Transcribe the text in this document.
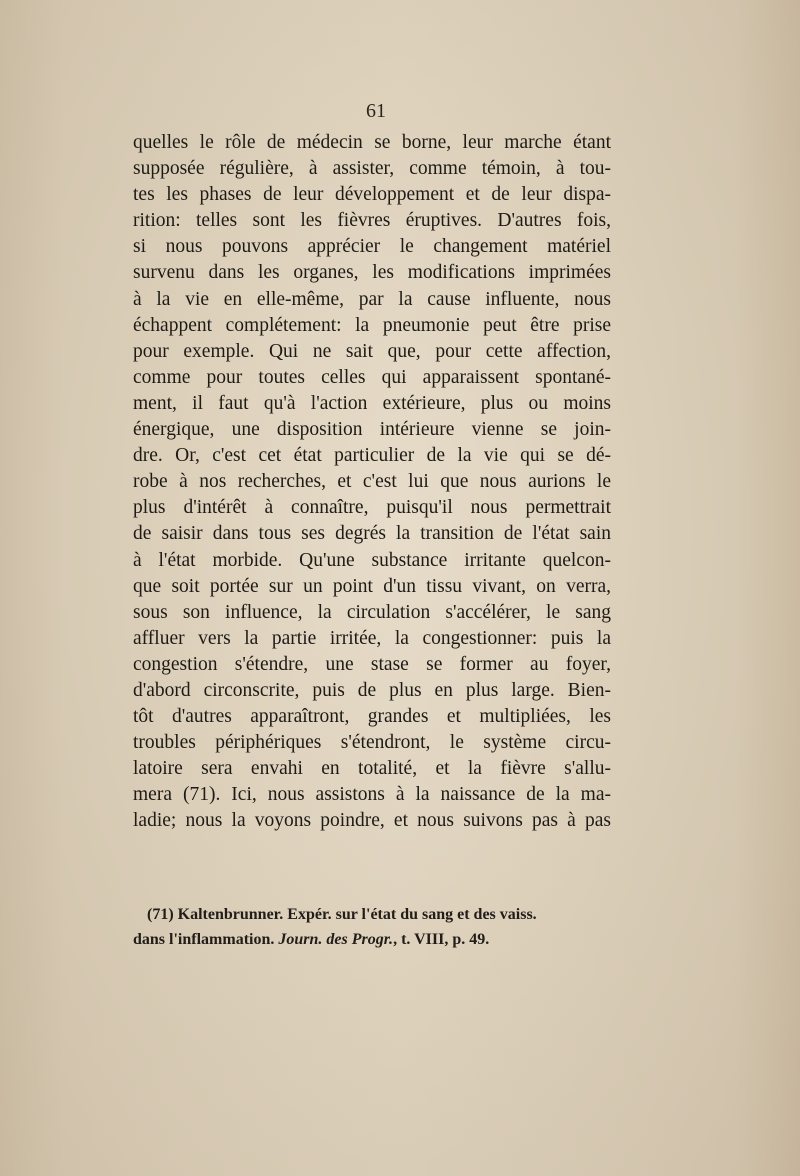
61
quelles le rôle de médecin se borne, leur marche étant
supposée régulière, à assister, comme témoin, à tou-
tes les phases de leur développement et de leur dispa-
rition: telles sont les fièvres éruptives. D'autres fois,
si nous pouvons apprécier le changement matériel
survenu dans les organes, les modifications imprimées
à la vie en elle-même, par la cause influente, nous
échappent complétement: la pneumonie peut être prise
pour exemple. Qui ne sait que, pour cette affection,
comme pour toutes celles qui apparaissent spontané-
ment, il faut qu'à l'action extérieure, plus ou moins
énergique, une disposition intérieure vienne se join-
dre. Or, c'est cet état particulier de la vie qui se dé-
robe à nos recherches, et c'est lui que nous aurions le
plus d'intérêt à connaître, puisqu'il nous permettrait
de saisir dans tous ses degrés la transition de l'état sain
à l'état morbide. Qu'une substance irritante quelcon-
que soit portée sur un point d'un tissu vivant, on verra,
sous son influence, la circulation s'accélérer, le sang
affluer vers la partie irritée, la congestionner: puis la
congestion s'étendre, une stase se former au foyer,
d'abord circonscrite, puis de plus en plus large. Bien-
tôt d'autres apparaîtront, grandes et multipliées, les
troubles périphériques s'étendront, le système circu-
latoire sera envahi en totalité, et la fièvre s'allu-
mera (71). Ici, nous assistons à la naissance de la ma-
ladie; nous la voyons poindre, et nous suivons pas à pas
(71) Kaltenbrunner. Expér. sur l'état du sang et des vaiss.
dans l'inflammation. Journ. des Progr., t. VIII, p. 49.
